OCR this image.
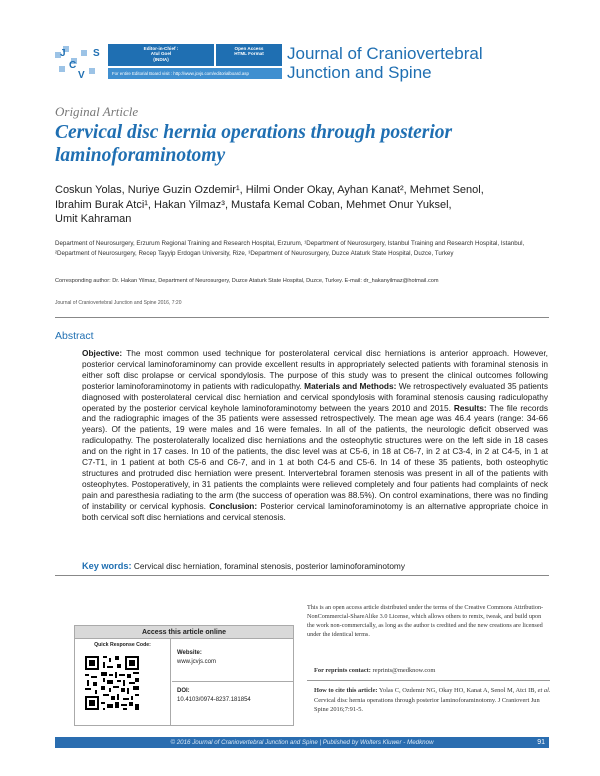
J
C
V
S	Editor-in-Chief :
Atul Goel
(INDIA)
Open Access
HTML Format
For entire Editorial Board visit : http://www.jcvjs.com/editorialboard.asp
Journal of Craniovertebral Junction and Spine
Original Article
Cervical disc hernia operations through posterior laminoforaminotomy
Coskun Yolas, Nuriye Guzin Ozdemir¹, Hilmi Onder Okay, Ayhan Kanat², Mehmet Senol,
Ibrahim Burak Atci¹, Hakan Yilmaz³, Mustafa Kemal Coban, Mehmet Onur Yuksel,
Umit Kahraman
Department of Neurosurgery, Erzurum Regional Training and Research Hospital, Erzurum, ¹Department of Neurosurgery, Istanbul Training and Research Hospital, Istanbul, ²Department of Neurosurgery, Recep Tayyip Erdogan University, Rize, ³Department of Neurosurgery, Duzce Ataturk State Hospital, Duzce, Turkey
Corresponding author: Dr. Hakan Yilmaz, Department of Neurosurgery, Duzce Ataturk State Hospital, Duzce, Turkey. E-mail: dr_hakanyilmaz@hotmail.com
Journal of Craniovertebral Junction and Spine 2016, 7:20
Abstract
Objective: The most common used technique for posterolateral cervical disc herniations is anterior approach. However, posterior cervical laminoforaminomy can provide excellent results in appropriately selected patients with foraminal stenosis in either soft disc prolapse or cervical spondylosis. The purpose of this study was to present the clinical outcomes following posterior laminoforaminotomy in patients with radiculopathy. Materials and Methods: We retrospectively evaluated 35 patients diagnosed with posterolateral cervical disc herniation and cervical spondylosis with foraminal stenosis causing radiculopathy operated by the posterior cervical keyhole laminoforaminotomy between the years 2010 and 2015. Results: The file records and the radiographic images of the 35 patients were assessed retrospectively. The mean age was 46.4 years (range: 34-66 years). Of the patients, 19 were males and 16 were females. In all of the patients, the neurologic deficit observed was radiculopathy. The posterolaterally localized disc herniations and the osteophytic structures were on the left side in 18 cases and on the right in 17 cases. In 10 of the patients, the disc level was at C5-6, in 18 at C6-7, in 2 at C3-4, in 2 at C4-5, in 1 at C7-T1, in 1 patient at both C5-6 and C6-7, and in 1 at both C4-5 and C5-6. In 14 of these 35 patients, both osteophytic structures and protruded disc herniation were present. Intervertebral foramen stenosis was present in all of the patients with osteophytes. Postoperatively, in 31 patients the complaints were relieved completely and four patients had complaints of neck pain and paresthesia radiating to the arm (the success of operation was 88.5%). On control examinations, there was no finding of instability or cervical kyphosis. Conclusion: Posterior cervical laminoforaminotomy is an alternative appropriate choice in both cervical soft disc herniations and cervical stenosis.
Key words: Cervical disc herniation, foraminal stenosis, posterior laminoforaminotomy
Access this article online
Quick Response Code:
Website:
www.jcvjs.com
DOI:
10.4103/0974-8237.181854
This is an open access article distributed under the terms of the Creative Commons Attribution-NonCommercial-ShareAlike 3.0 License, which allows others to remix, tweak, and build upon the work non-commercially, as long as the author is credited and the new creations are licensed under the identical terms.
For reprints contact: reprints@medknow.com
How to cite this article: Yolas C, Ozdemir NG, Okay HO, Kanat A, Senol M, Atci IB, et al. Cervical disc hernia operations through posterior laminoforaminotomy. J Craniovert Jun Spine 2016;7:91-5.
© 2016 Journal of Craniovertebral Junction and Spine | Published by Wolters Kluwer - Medknow	91
